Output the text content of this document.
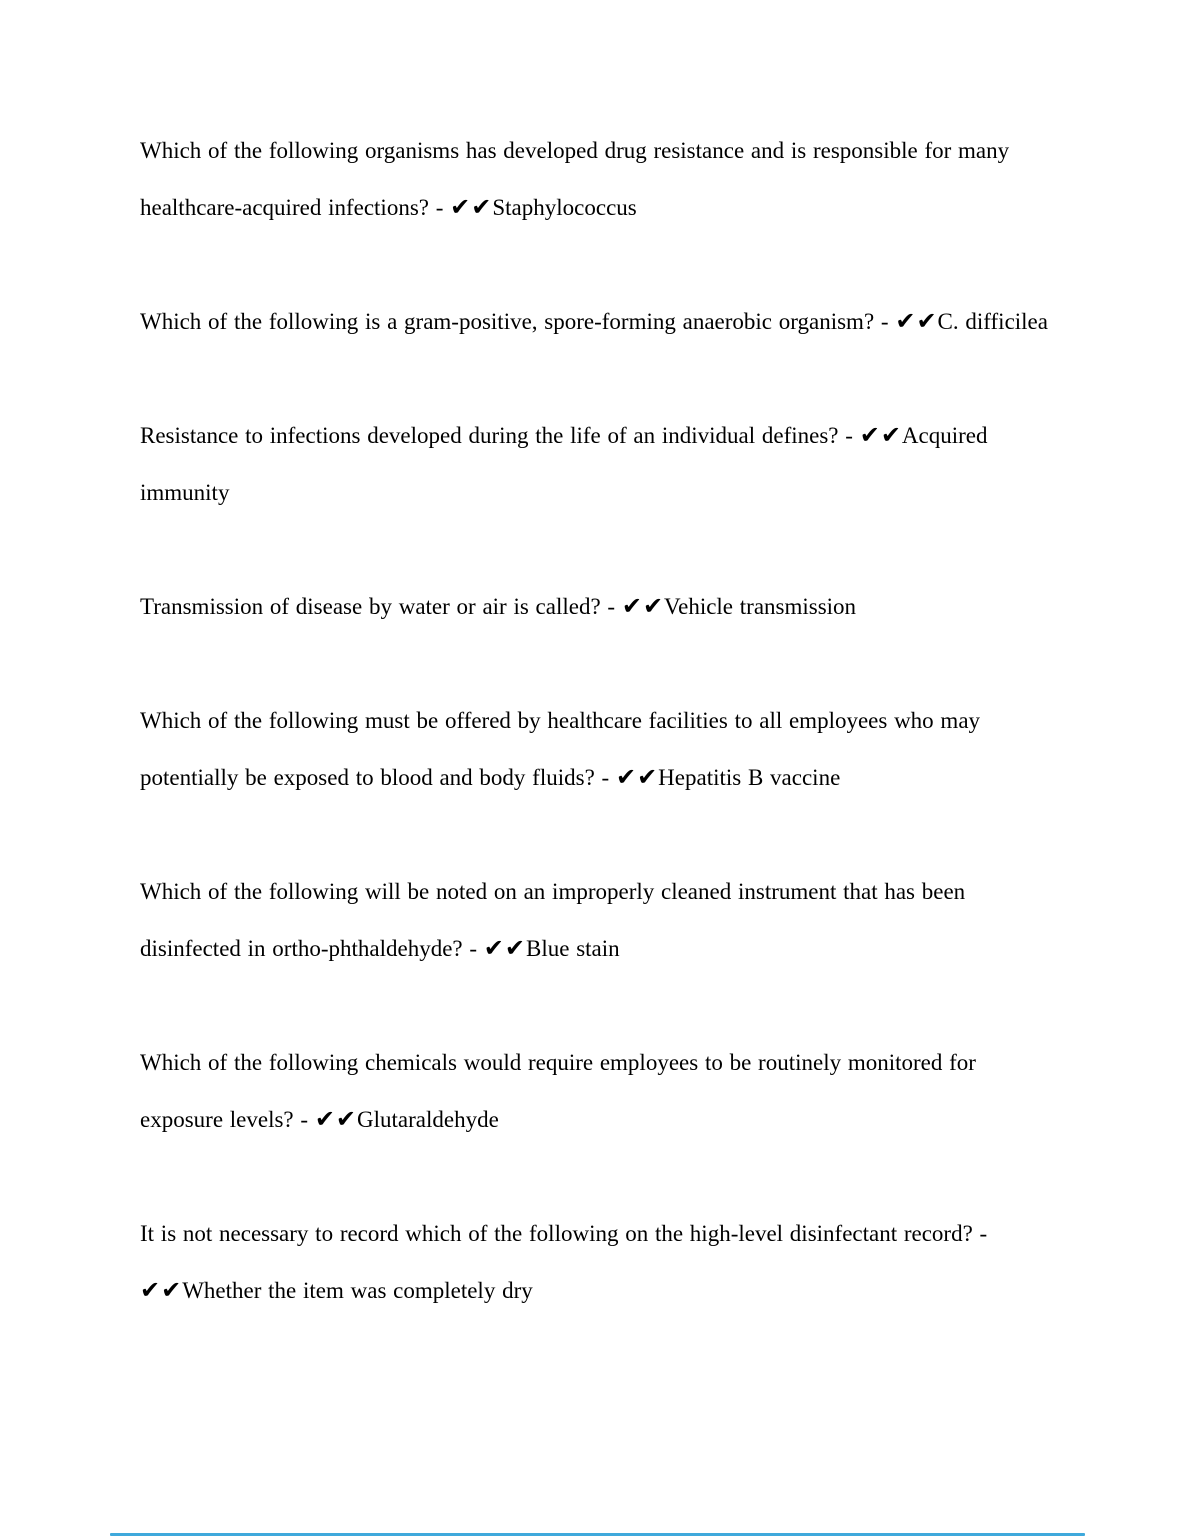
Which of the following organisms has developed drug resistance and is responsible for many healthcare-acquired infections? - ✔✔Staphylococcus

Which of the following is a gram-positive, spore-forming anaerobic organism? - ✔✔C. difficilea

Resistance to infections developed during the life of an individual defines? - ✔✔Acquired immunity

Transmission of disease by water or air is called? - ✔✔Vehicle transmission

Which of the following must be offered by healthcare facilities to all employees who may potentially be exposed to blood and body fluids? - ✔✔Hepatitis B vaccine

Which of the following will be noted on an improperly cleaned instrument that has been disinfected in ortho-phthaldehyde? - ✔✔Blue stain

Which of the following chemicals would require employees to be routinely monitored for exposure levels? - ✔✔Glutaraldehyde

It is not necessary to record which of the following on the high-level disinfectant record? - ✔✔Whether the item was completely dry
